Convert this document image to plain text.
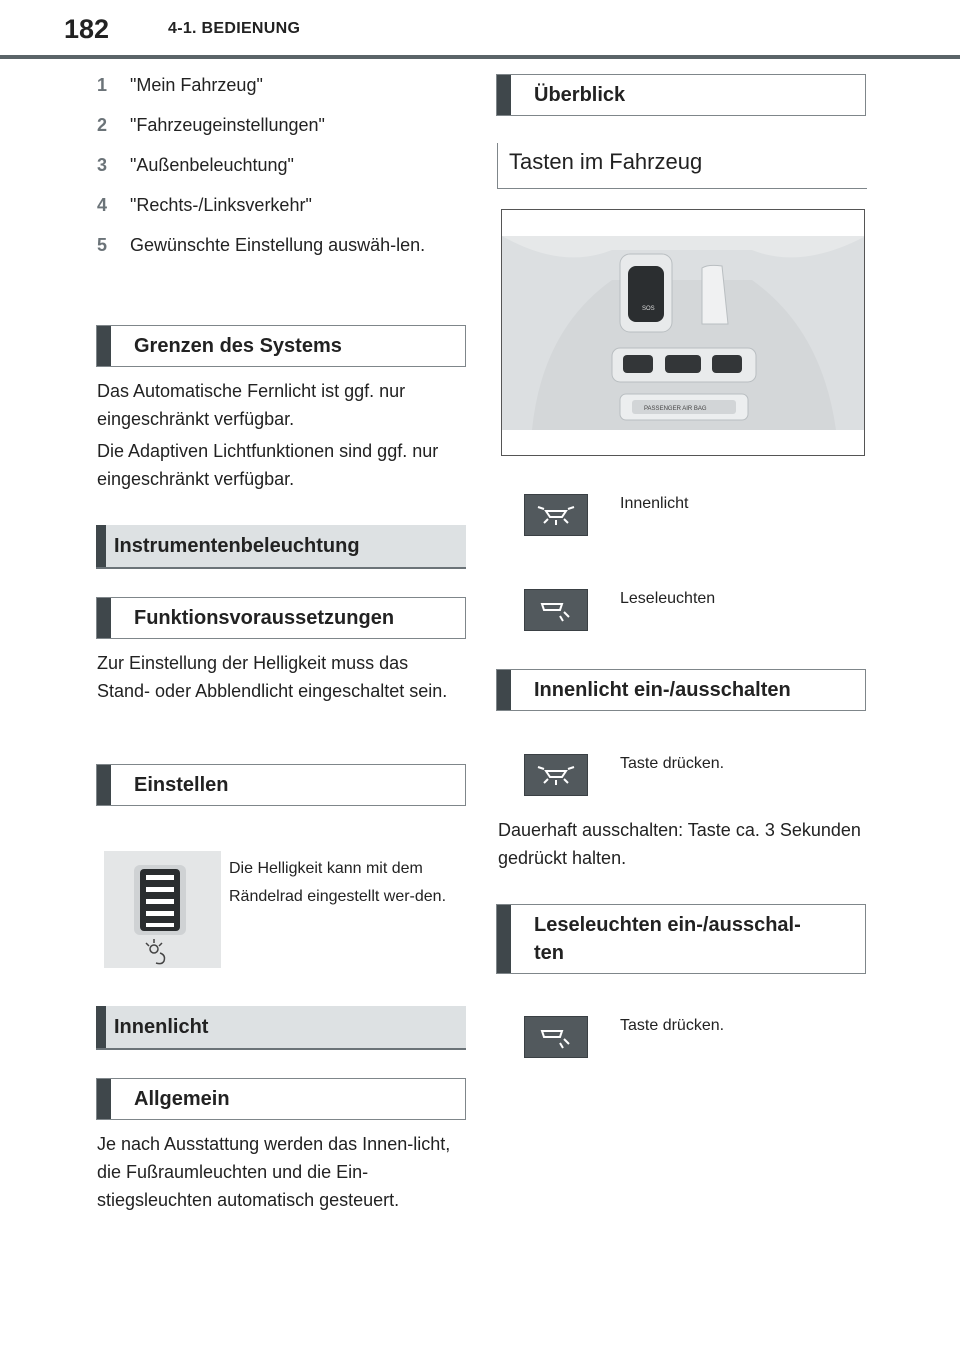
182	4-1. BEDIENUNG
1	"Mein Fahrzeug"
2	"Fahrzeugeinstellungen"
3	"Außenbeleuchtung"
4	"Rechts-/Linksverkehr"
5	Gewünschte Einstellung auswäh-len.
Grenzen des Systems
Das Automatische Fernlicht ist ggf. nur eingeschränkt verfügbar.
Die Adaptiven Lichtfunktionen sind ggf. nur eingeschränkt verfügbar.
Instrumentenbeleuchtung
Funktionsvoraussetzungen
Zur Einstellung der Helligkeit muss das Stand- oder Abblendlicht eingeschaltet sein.
Einstellen
Die Helligkeit kann mit dem Rändelrad eingestellt wer-den.
Innenlicht
Allgemein
Je nach Ausstattung werden das Innen-licht, die Fußraumleuchten und die Ein-stiegsleuchten automatisch gesteuert.
Überblick
Tasten im Fahrzeug
SOS
PASSENGER AIR BAG
Innenlicht
Leseleuchten
Innenlicht ein-/ausschalten
Taste drücken.
Dauerhaft ausschalten: Taste ca. 3 Sekunden gedrückt halten.
Leseleuchten ein-/ausschal-ten
Taste drücken.
